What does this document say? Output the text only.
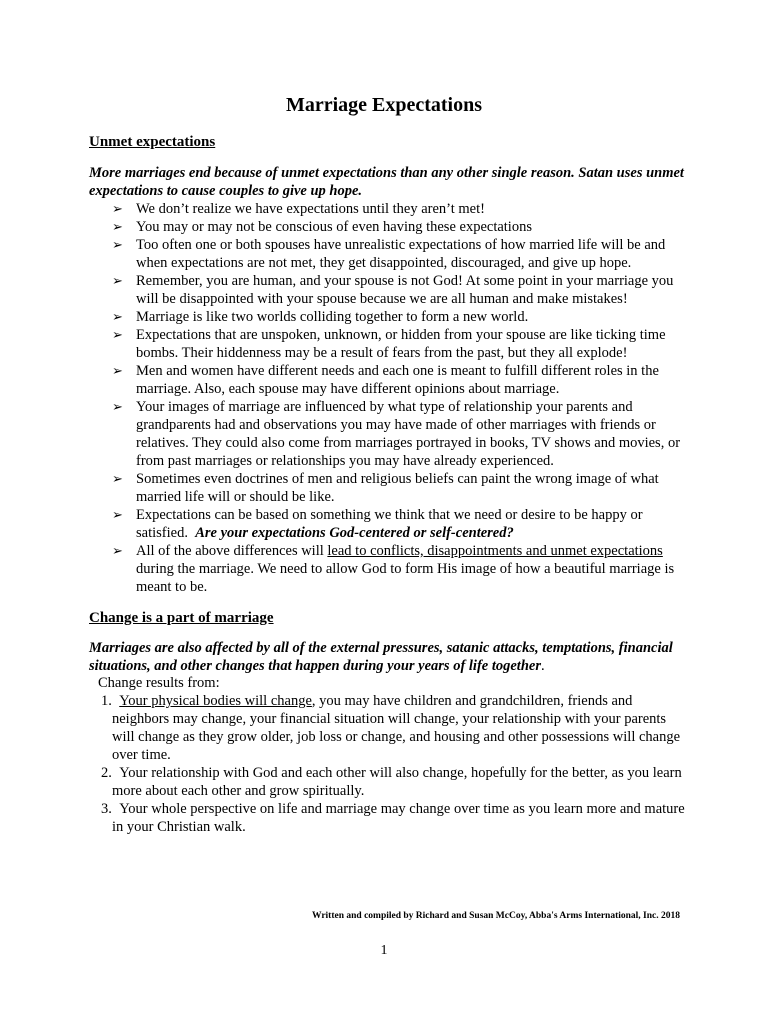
Marriage Expectations
Unmet expectations
More marriages end because of unmet expectations than any other single reason. Satan uses unmet expectations to cause couples to give up hope.
➢ We don’t realize we have expectations until they aren’t met!
➢ You may or may not be conscious of even having these expectations
➢ Too often one or both spouses have unrealistic expectations of how married life will be and when expectations are not met, they get disappointed, discouraged, and give up hope.
➢ Remember, you are human, and your spouse is not God! At some point in your marriage you will be disappointed with your spouse because we are all human and make mistakes!
➢ Marriage is like two worlds colliding together to form a new world.
➢ Expectations that are unspoken, unknown, or hidden from your spouse are like ticking time bombs. Their hiddenness may be a result of fears from the past, but they all explode!
➢ Men and women have different needs and each one is meant to fulfill different roles in the marriage. Also, each spouse may have different opinions about marriage.
➢ Your images of marriage are influenced by what type of relationship your parents and grandparents had and observations you may have made of other marriages with friends or relatives. They could also come from marriages portrayed in books, TV shows and movies, or from past marriages or relationships you may have already experienced.
➢ Sometimes even doctrines of men and religious beliefs can paint the wrong image of what married life will or should be like.
➢ Expectations can be based on something we think that we need or desire to be happy or satisfied. Are your expectations God-centered or self-centered?
➢ All of the above differences will lead to conflicts, disappointments and unmet expectations during the marriage. We need to allow God to form His image of how a beautiful marriage is meant to be.
Change is a part of marriage
Marriages are also affected by all of the external pressures, satanic attacks, temptations, financial situations, and other changes that happen during your years of life together.
Change results from:
1. Your physical bodies will change, you may have children and grandchildren, friends and neighbors may change, your financial situation will change, your relationship with your parents will change as they grow older, job loss or change, and housing and other possessions will change over time.
2. Your relationship with God and each other will also change, hopefully for the better, as you learn more about each other and grow spiritually.
3. Your whole perspective on life and marriage may change over time as you learn more and mature in your Christian walk.
Written and compiled by Richard and Susan McCoy, Abba's Arms International, Inc. 2018
1
